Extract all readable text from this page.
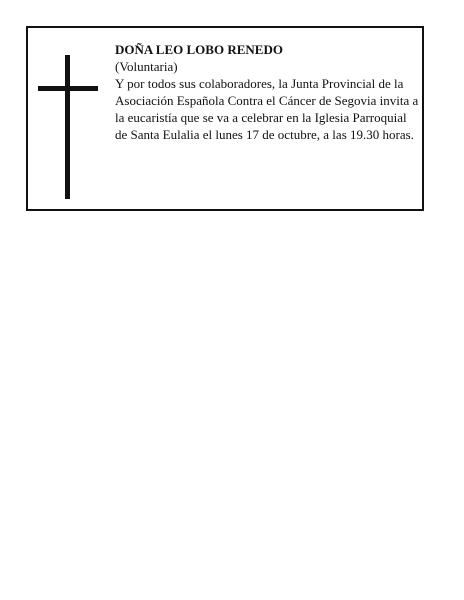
DOÑA LEO LOBO RENEDO

(Voluntaria)

Y por todos sus colaboradores, la Junta Provincial de la Asociación Española Contra el Cáncer de Segovia invita a la eucaristía que se va a celebrar en la Iglesia Parroquial de Santa Eulalia el lunes 17 de octubre, a las 19.30 horas.
